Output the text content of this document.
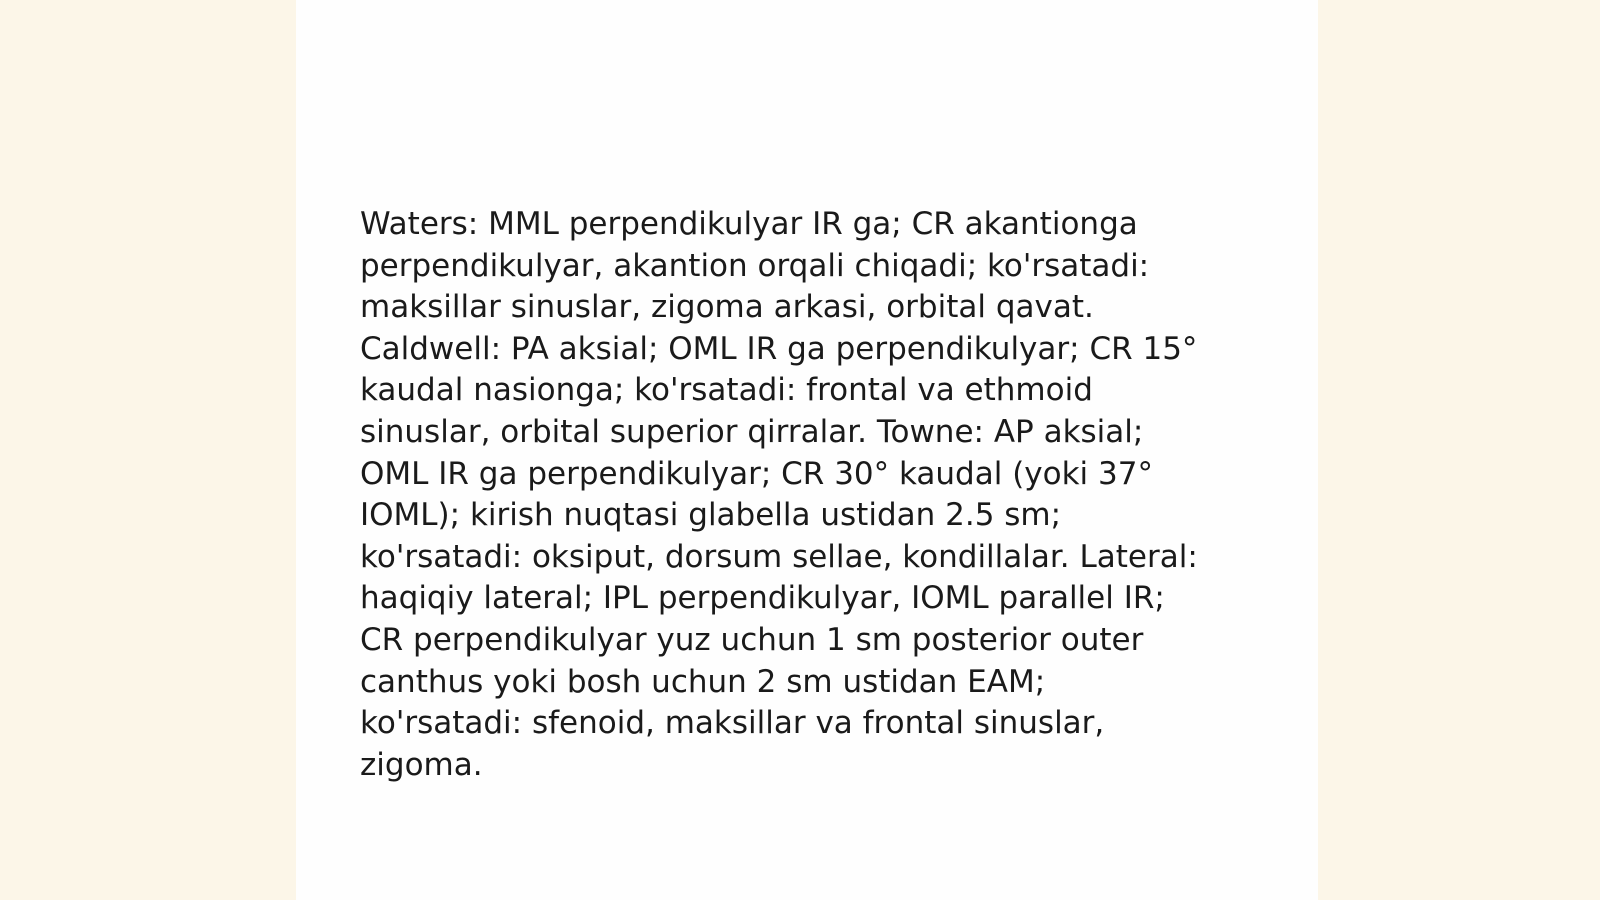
Waters: MML perpendikulyar IR ga; CR akantionga
perpendikulyar, akantion orqali chiqadi; ko'rsatadi:
maksillar sinuslar, zigoma arkasi, orbital qavat.
Caldwell: PA aksial; OML IR ga perpendikulyar; CR 15°
kaudal nasionga; ko'rsatadi: frontal va ethmoid
sinuslar, orbital superior qirralar. Towne: AP aksial;
OML IR ga perpendikulyar; CR 30° kaudal (yoki 37°
IOML); kirish nuqtasi glabella ustidan 2.5 sm;
ko'rsatadi: oksiput, dorsum sellae, kondillalar. Lateral:
haqiqiy lateral; IPL perpendikulyar, IOML parallel IR;
CR perpendikulyar yuz uchun 1 sm posterior outer
canthus yoki bosh uchun 2 sm ustidan EAM;
ko'rsatadi: sfenoid, maksillar va frontal sinuslar,
zigoma.
